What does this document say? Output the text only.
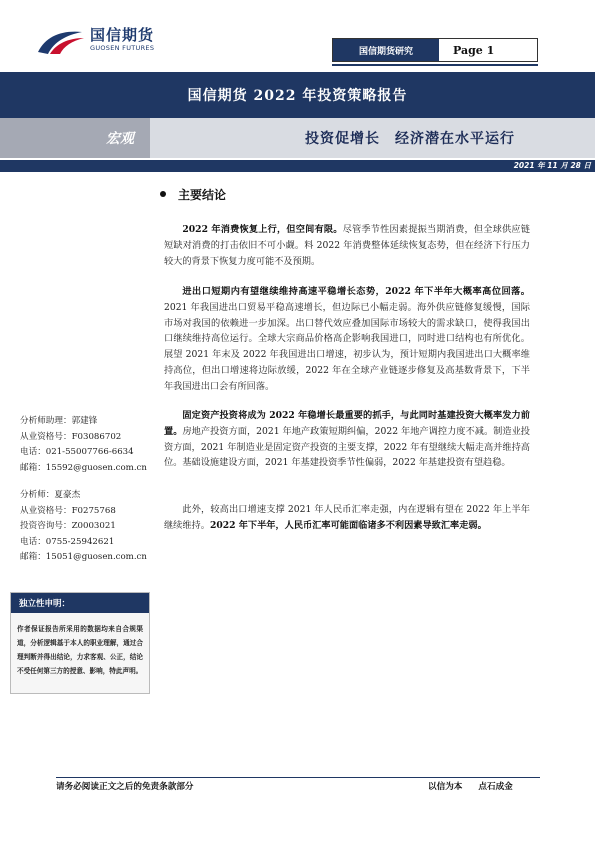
国信期货
GUOSEN FUTURES	国信期货研究	Page 1
国信期货 2022 年投资策略报告
宏观	投资促增长　经济潜在水平运行
2021 年 11 月 28 日
主要结论

2022 年消费恢复上行，但空间有限。尽管季节性因素提振当期消费，但全球供应链短缺对消费的打击依旧不可小觑。料 2022 年消费整体延续恢复态势，但在经济下行压力较大的背景下恢复力度可能不及预期。

进出口短期内有望继续维持高速平稳增长态势，2022 年下半年大概率高位回落。2021 年我国进出口贸易平稳高速增长，但边际已小幅走弱。海外供应链修复缓慢，国际市场对我国的依赖进一步加深。出口替代效应叠加国际市场较大的需求缺口，使得我国出口继续维持高位运行。全球大宗商品价格高企影响我国进口，同时进口结构也有所优化。展望 2021 年末及 2022 年我国进出口增速，初步认为，预计短期内我国进出口大概率维持高位，但出口增速将边际放缓，2022 年在全球产业链逐步修复及高基数背景下，下半年我国进出口会有所回落。

固定资产投资将成为 2022 年稳增长最重要的抓手，与此同时基建投资大概率发力前置。房地产投资方面，2021 年地产政策短期纠偏，2022 年地产调控力度不减。制造业投资方面，2021 年制造业是固定资产投资的主要支撑，2022 年有望继续大幅走高并维持高位。基础设施建设方面，2021 年基建投资季节性偏弱，2022 年基建投资有望趋稳。

此外，较高出口增速支撑 2021 年人民币汇率走强，内在逻辑有望在 2022 年上半年继续维持。2022 年下半年，人民币汇率可能面临诸多不利因素导致汇率走弱。

分析师助理：郭建锋
从业资格号：F03086702
电话：021-55007766-6634
邮箱：15592@guosen.com.cn
分析师：夏豪杰
从业资格号：F0275768
投资咨询号：Z0003021
电话：0755-25942621
邮箱：15051@guosen.com.cn
独立性申明：
作者保证报告所采用的数据均来自合规渠道，分析逻辑基于本人的职业理解，通过合理判断并得出结论，力求客观、公正，结论不受任何第三方的授意、影响，特此声明。
请务必阅读正文之后的免责条款部分	以信为本 点石成金
